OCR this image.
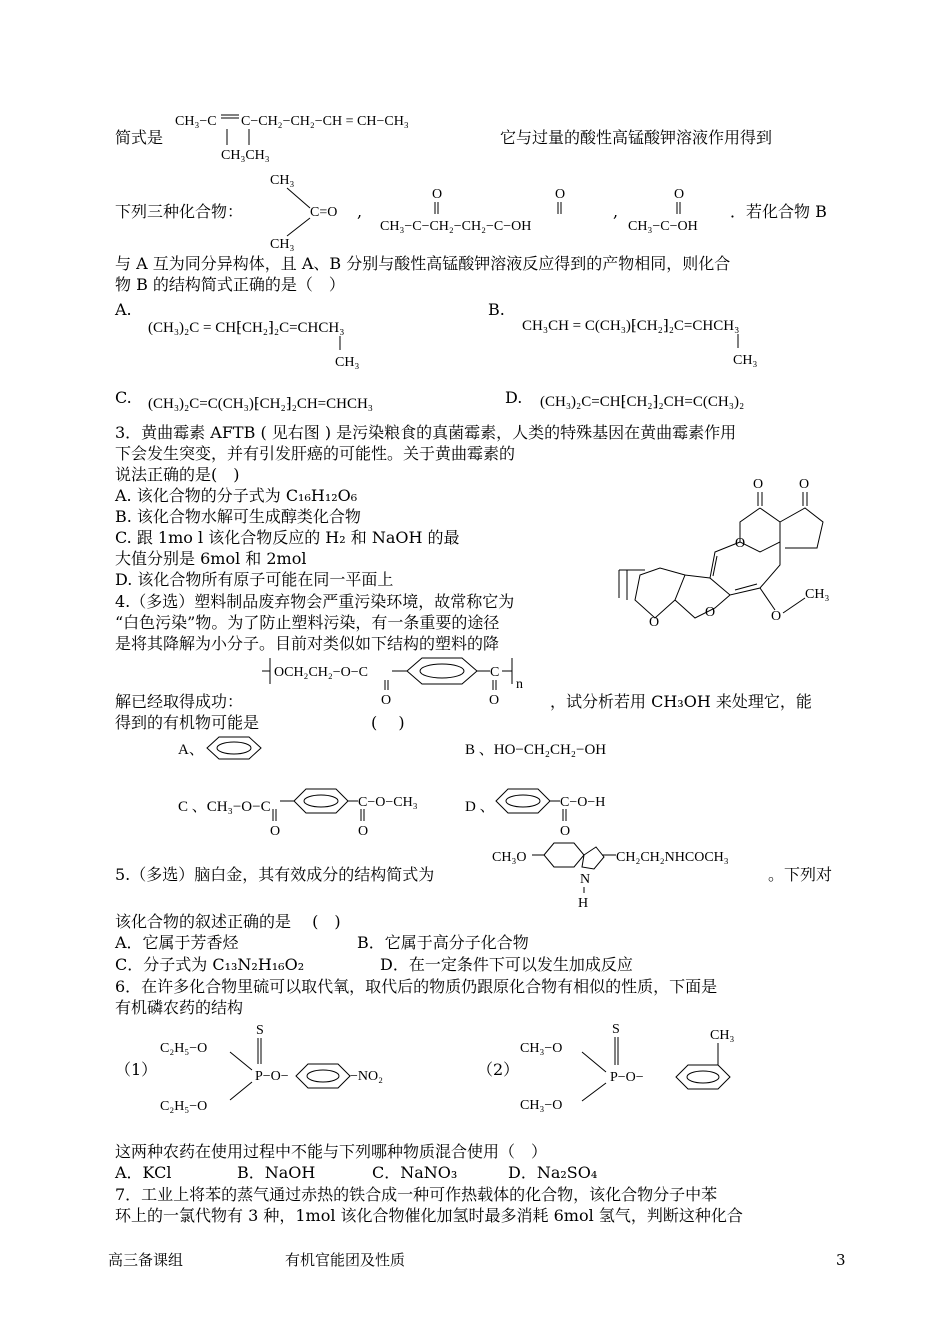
简式是
CH₃−C C−CH₂−CH₂−CH = CH−CH₃
CH₃CH₃
它与过量的酸性高锰酸钾溶液作用得到
下列三种化合物：
CH₃
C=O
CH₃
,
O	O
CH₃−C−CH₂−CH₂−C−OH
,
O
CH₃−C−OH
．若化合物 B
与 A 互为同分异构体，且 A、B 分别与酸性高锰酸钾溶液反应得到的产物相同，则化合
物 B 的结构简式正确的是（　）
A.
(CH₃)₂C = CH⁅CH₂⁆₂C=CHCH₃
CH₃
B.
CH₃CH = C(CH₃)⁅CH₂⁆₂C=CHCH₃
CH₃
C. (CH₃)₂C=C(CH₃)⁅CH₂⁆₂CH=CHCH₃	D. (CH₃)₂C=CH⁅CH₂⁆₂CH=C(CH₃)₂
3．黄曲霉素 AFTB ( 见右图 ) 是污染粮食的真菌霉素，人类的特殊基因在黄曲霉素作用
下会发生突变，并有引发肝癌的可能性。关于黄曲霉素的
说法正确的是(　)
A. 该化合物的分子式为 C₁₆H₁₂O₆
B. 该化合物水解可生成醇类化合物
C. 跟 1mo l 该化合物反应的 H₂ 和 NaOH 的最
大值分别是 6mol 和 2mol
D. 该化合物所有原子可能在同一平面上
O	O
O
O
CH₃
O
O
4.（多选）塑料制品废弃物会严重污染环境，故常称它为
“白色污染”物。为了防止塑料污染，有一条重要的途径
是将其降解为小分子。目前对类似如下结构的塑料的降
OCH₂CH₂−O−C
O
C
O
n
解已经取得成功：	，试分析若用 CH₃OH 来处理它，能
得到的有机物可能是　　　　　　　(　 )
A、	B 、HO−CH₂CH₂−OH
C 、CH₃−O−C
O
C−O−CH₃
O
D 、	C−O−H
O
5.（多选）脑白金，其有效成分的结构简式为
CH₃O	CH₂CH₂NHCOCH₃
N
H
。下列对
该化合物的叙述正确的是　 (　)
A．它属于芳香烃	B．它属于高分子化合物
C．分子式为 C₁₃N₂H₁₆O₂	D．在一定条件下可以发生加成反应
6．在许多化合物里硫可以取代氧，取代后的物质仍跟原化合物有相似的性质，下面是
有机磷农药的结构
（1）
C₂H₅−O
C₂H₅−O
S
P−O−	−NO₂	（2）
CH₃−O
CH₃−O
S
P−O−
CH₃
这两种农药在使用过程中不能与下列哪种物质混合使用（　）
A．KCl	B．NaOH	C．NaNO₃	D．Na₂SO₄
7．工业上将苯的蒸气通过赤热的铁合成一种可作热载体的化合物，该化合物分子中苯
环上的一氯代物有 3 种，1mol 该化合物催化加氢时最多消耗 6mol 氢气，判断这种化合
高三备课组	有机官能团及性质	3
